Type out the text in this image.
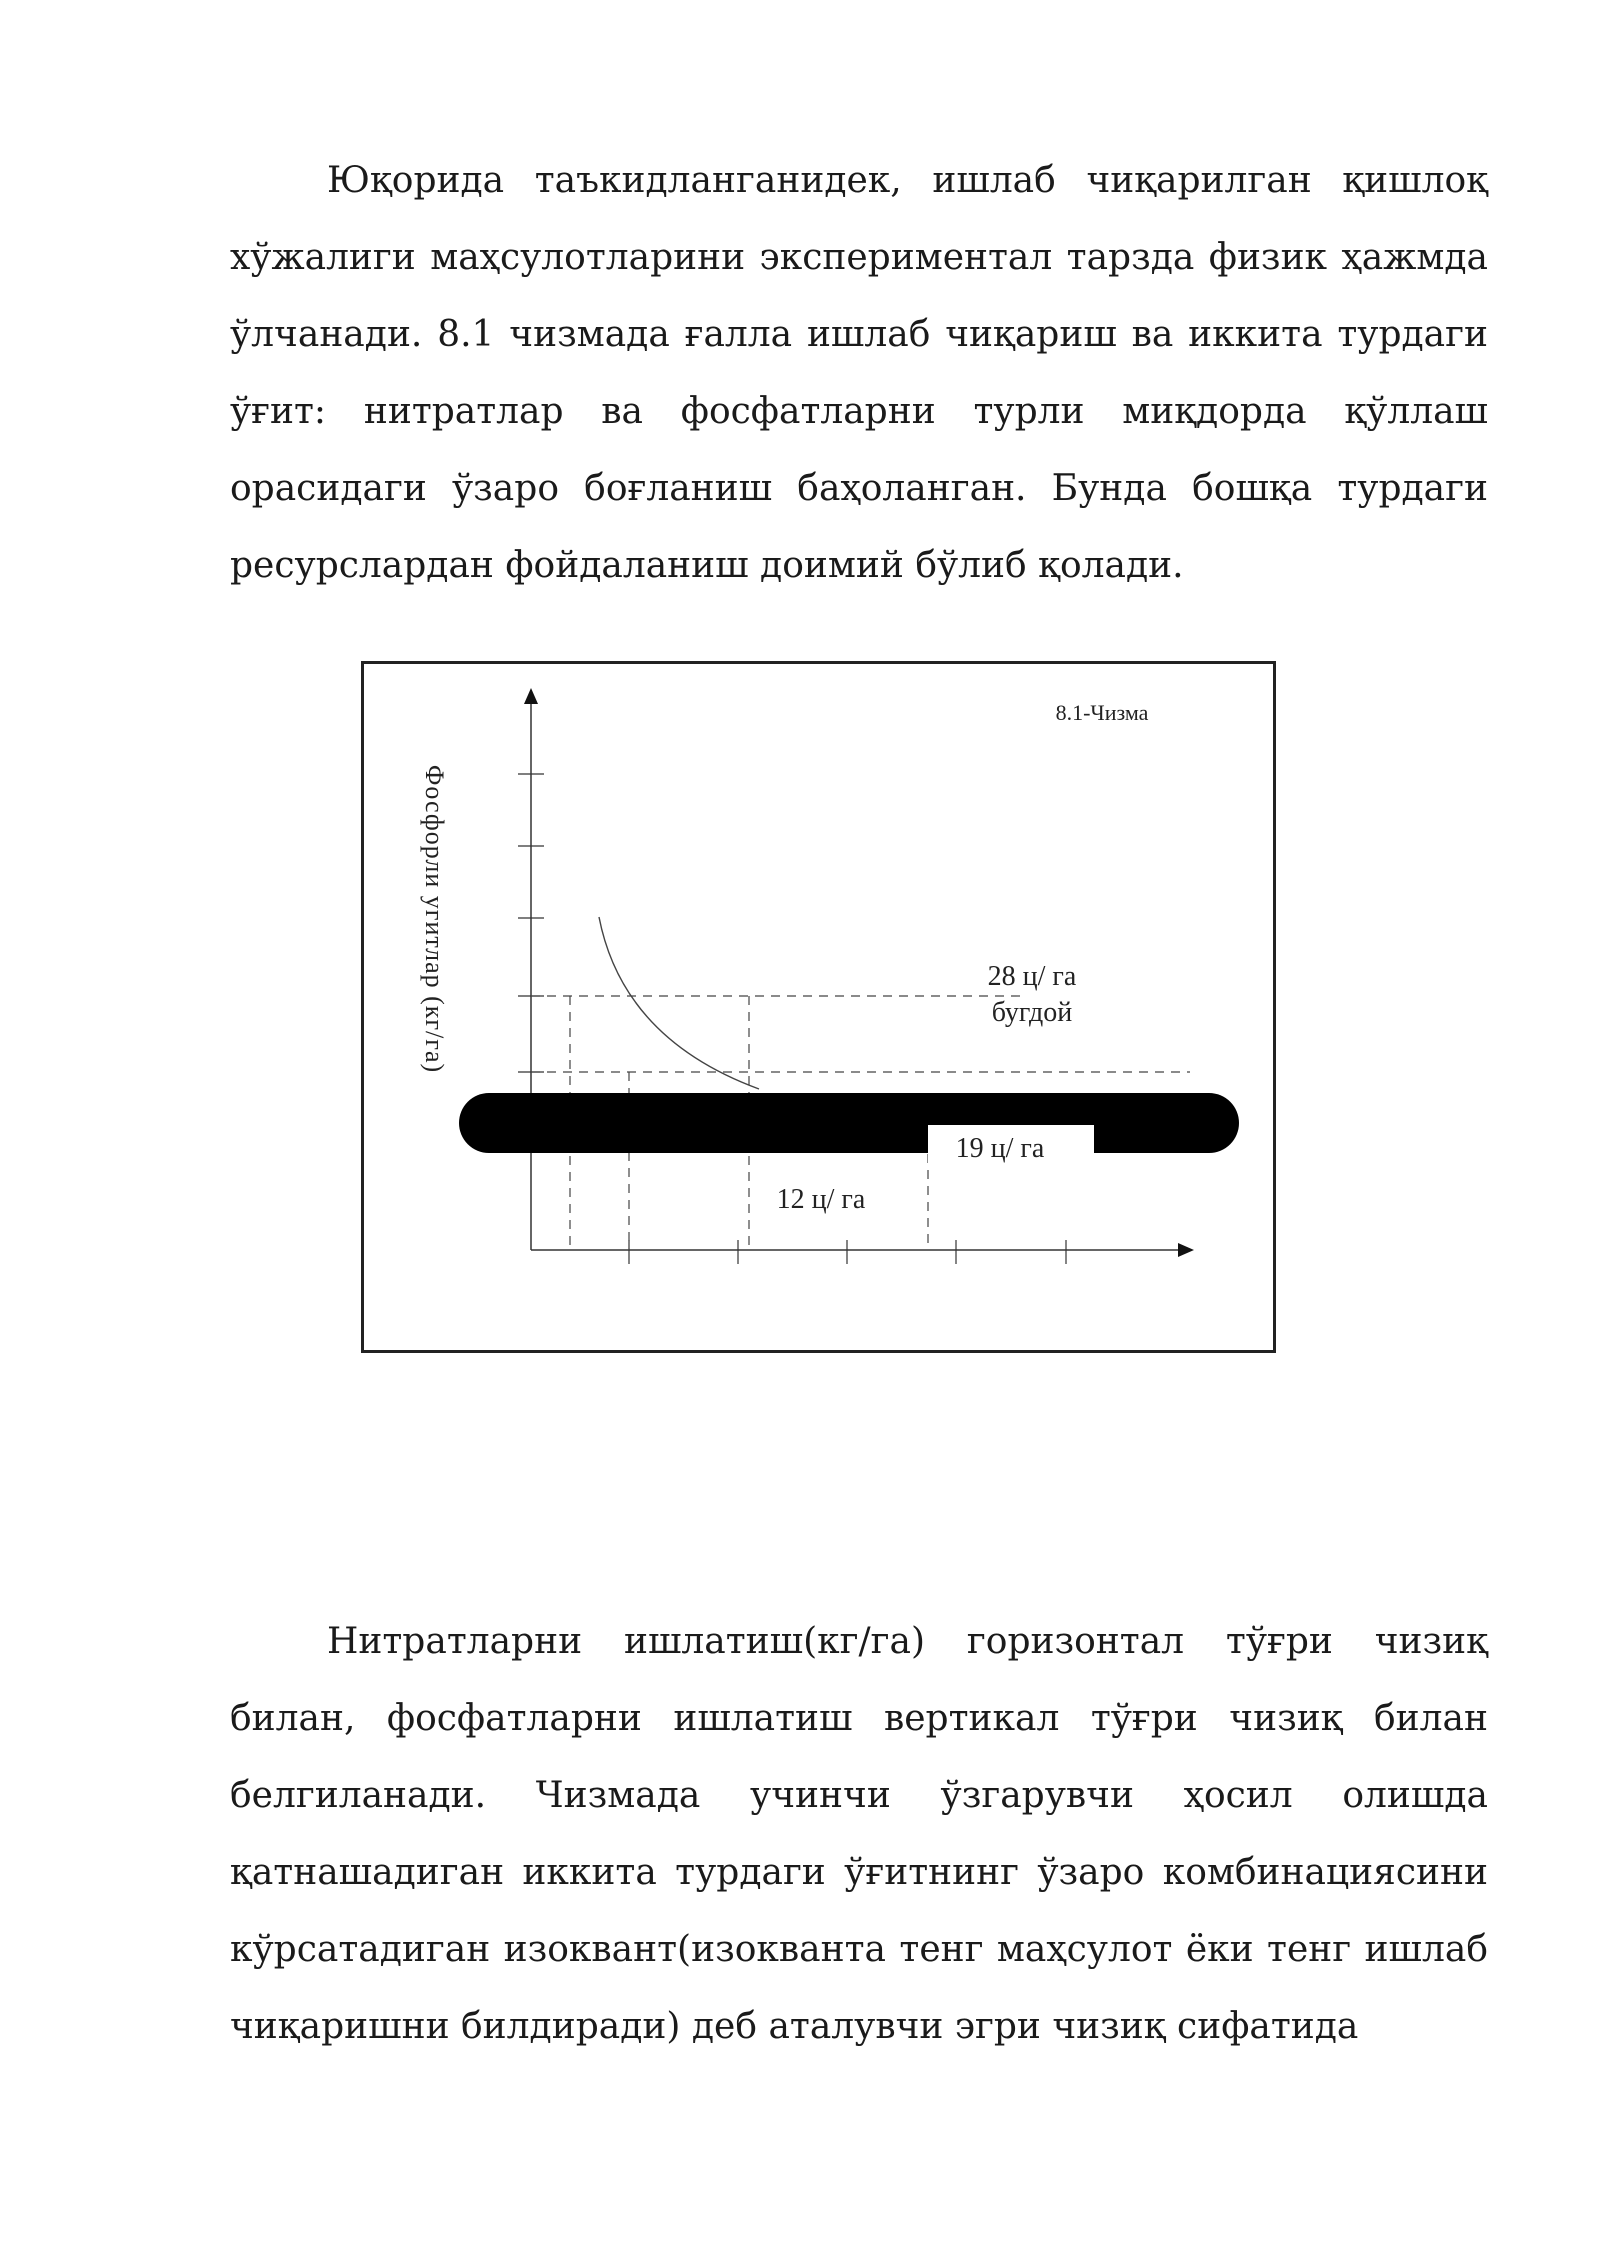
Юқорида таъкидланганидек, ишлаб чиқарилган қишлоқ хўжалиги маҳсулотларини экспериментал тарзда физик ҳажмда ўлчанади. 8.1 чизмада ғалла ишлаб чиқариш ва иккита турдаги ўғит: нитратлар ва фосфатларни турли миқдорда қўллаш орасидаги ўзаро боғланиш баҳоланган. Бунда бошқа турдаги ресурслардан фойдаланиш доимий бўлиб қолади.

8.1-Чизма
Фосфорли угитлар (кг/га)	28 ц/ га
бугдой
19 ц/ га
12 ц/ га

Нитратларни ишлатиш(кг/га) горизонтал тўғри чизиқ билан, фосфатларни ишлатиш вертикал тўғри чизиқ билан белгиланади. Чизмада учинчи ўзгарувчи ҳосил олишда қатнашадиган иккита турдаги ўғитнинг ўзаро комбинациясини кўрсатадиган изоквант(изокванта тенг маҳсулот ёки тенг ишлаб чиқаришни билдиради) деб аталувчи эгри чизиқ сифатида
